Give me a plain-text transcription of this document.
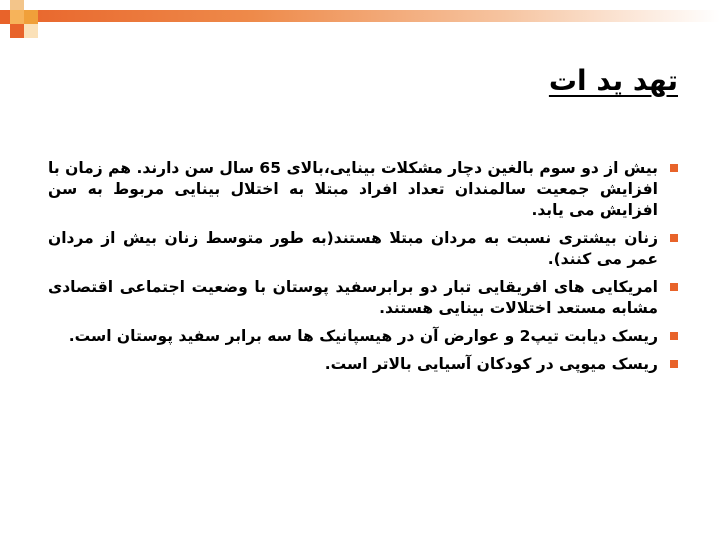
تهد يد ات
بیش از دو سوم بالغین دچار مشکلات بینایی،بالای 65 سال سن دارند. هم زمان با افزایش جمعیت سالمندان تعداد افراد مبتلا به اختلال بینایی مربوط به سن افزایش می یابد.
زنان بیشتری نسبت به مردان مبتلا هستند(به طور متوسط زنان بیش از مردان عمر می کنند).
امریکایی های افریقایی تبار دو برابرسفید پوستان با وضعیت اجتماعی اقتصادی مشابه مستعد اختلالات بینایی هستند.
ریسک دیابت تیپ2 و عوارض آن در هیسپانیک ها سه برابر سفید پوستان است.
ریسک میوپی در کودکان آسیایی بالاتر است.
